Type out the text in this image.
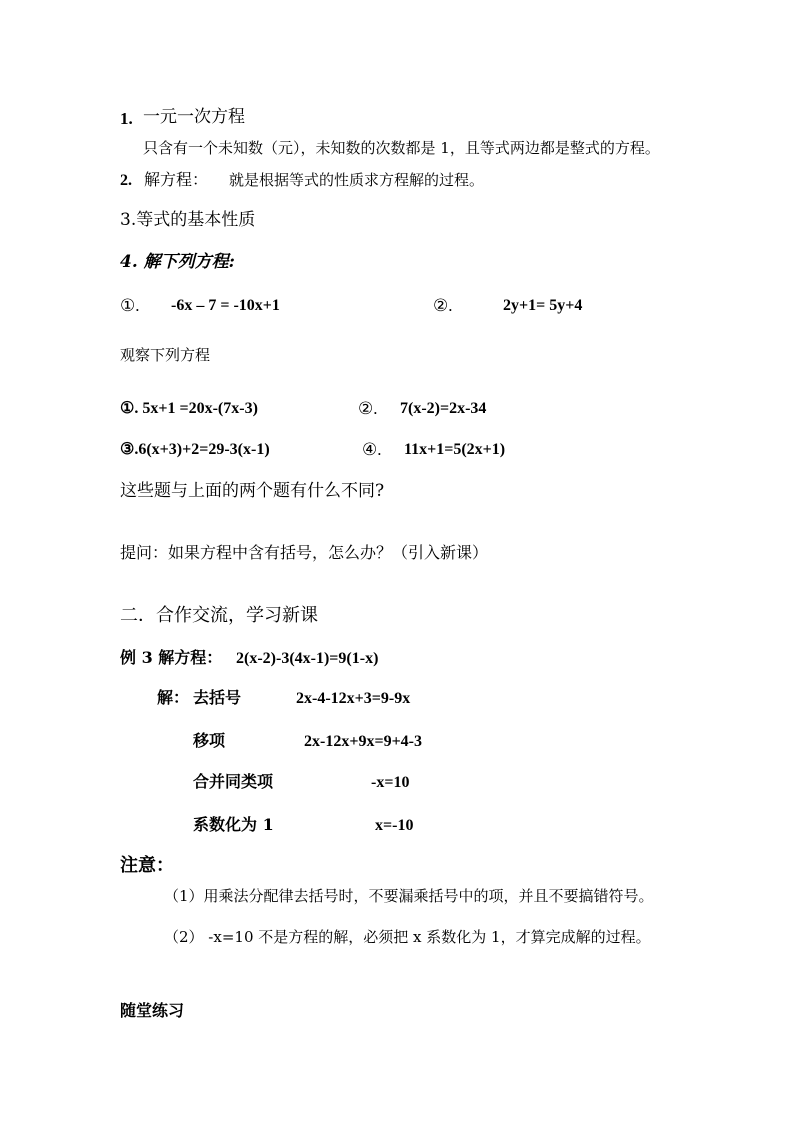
1. 一元一次方程
只含有一个未知数（元），未知数的次数都是 1，且等式两边都是整式的方程。
2. 解方程： 就是根据等式的性质求方程解的过程。
3.等式的基本性质
4. 解下列方程:
①. -6x – 7 = -10x+1	②.	2y+1= 5y+4
观察下列方程
①. 5x+1 =20x-(7x-3)	②. 7(x-2)=2x-34
③.6(x+3)+2=29-3(x-1)	④. 11x+1=5(2x+1)
这些题与上面的两个题有什么不同?
提问：如果方程中含有括号，怎么办？（引入新课）
二．合作交流，学习新课
例 3 解方程： 2(x-2)-3(4x-1)=9(1-x)
解： 去括号	2x-4-12x+3=9-9x
移项	2x-12x+9x=9+4-3
合并同类项	-x=10
系数化为 1	x=-10
注意：
（1）用乘法分配律去括号时，不要漏乘括号中的项，并且不要搞错符号。
（2） -x=10 不是方程的解，必须把 x 系数化为 1，才算完成解的过程。
随堂练习
